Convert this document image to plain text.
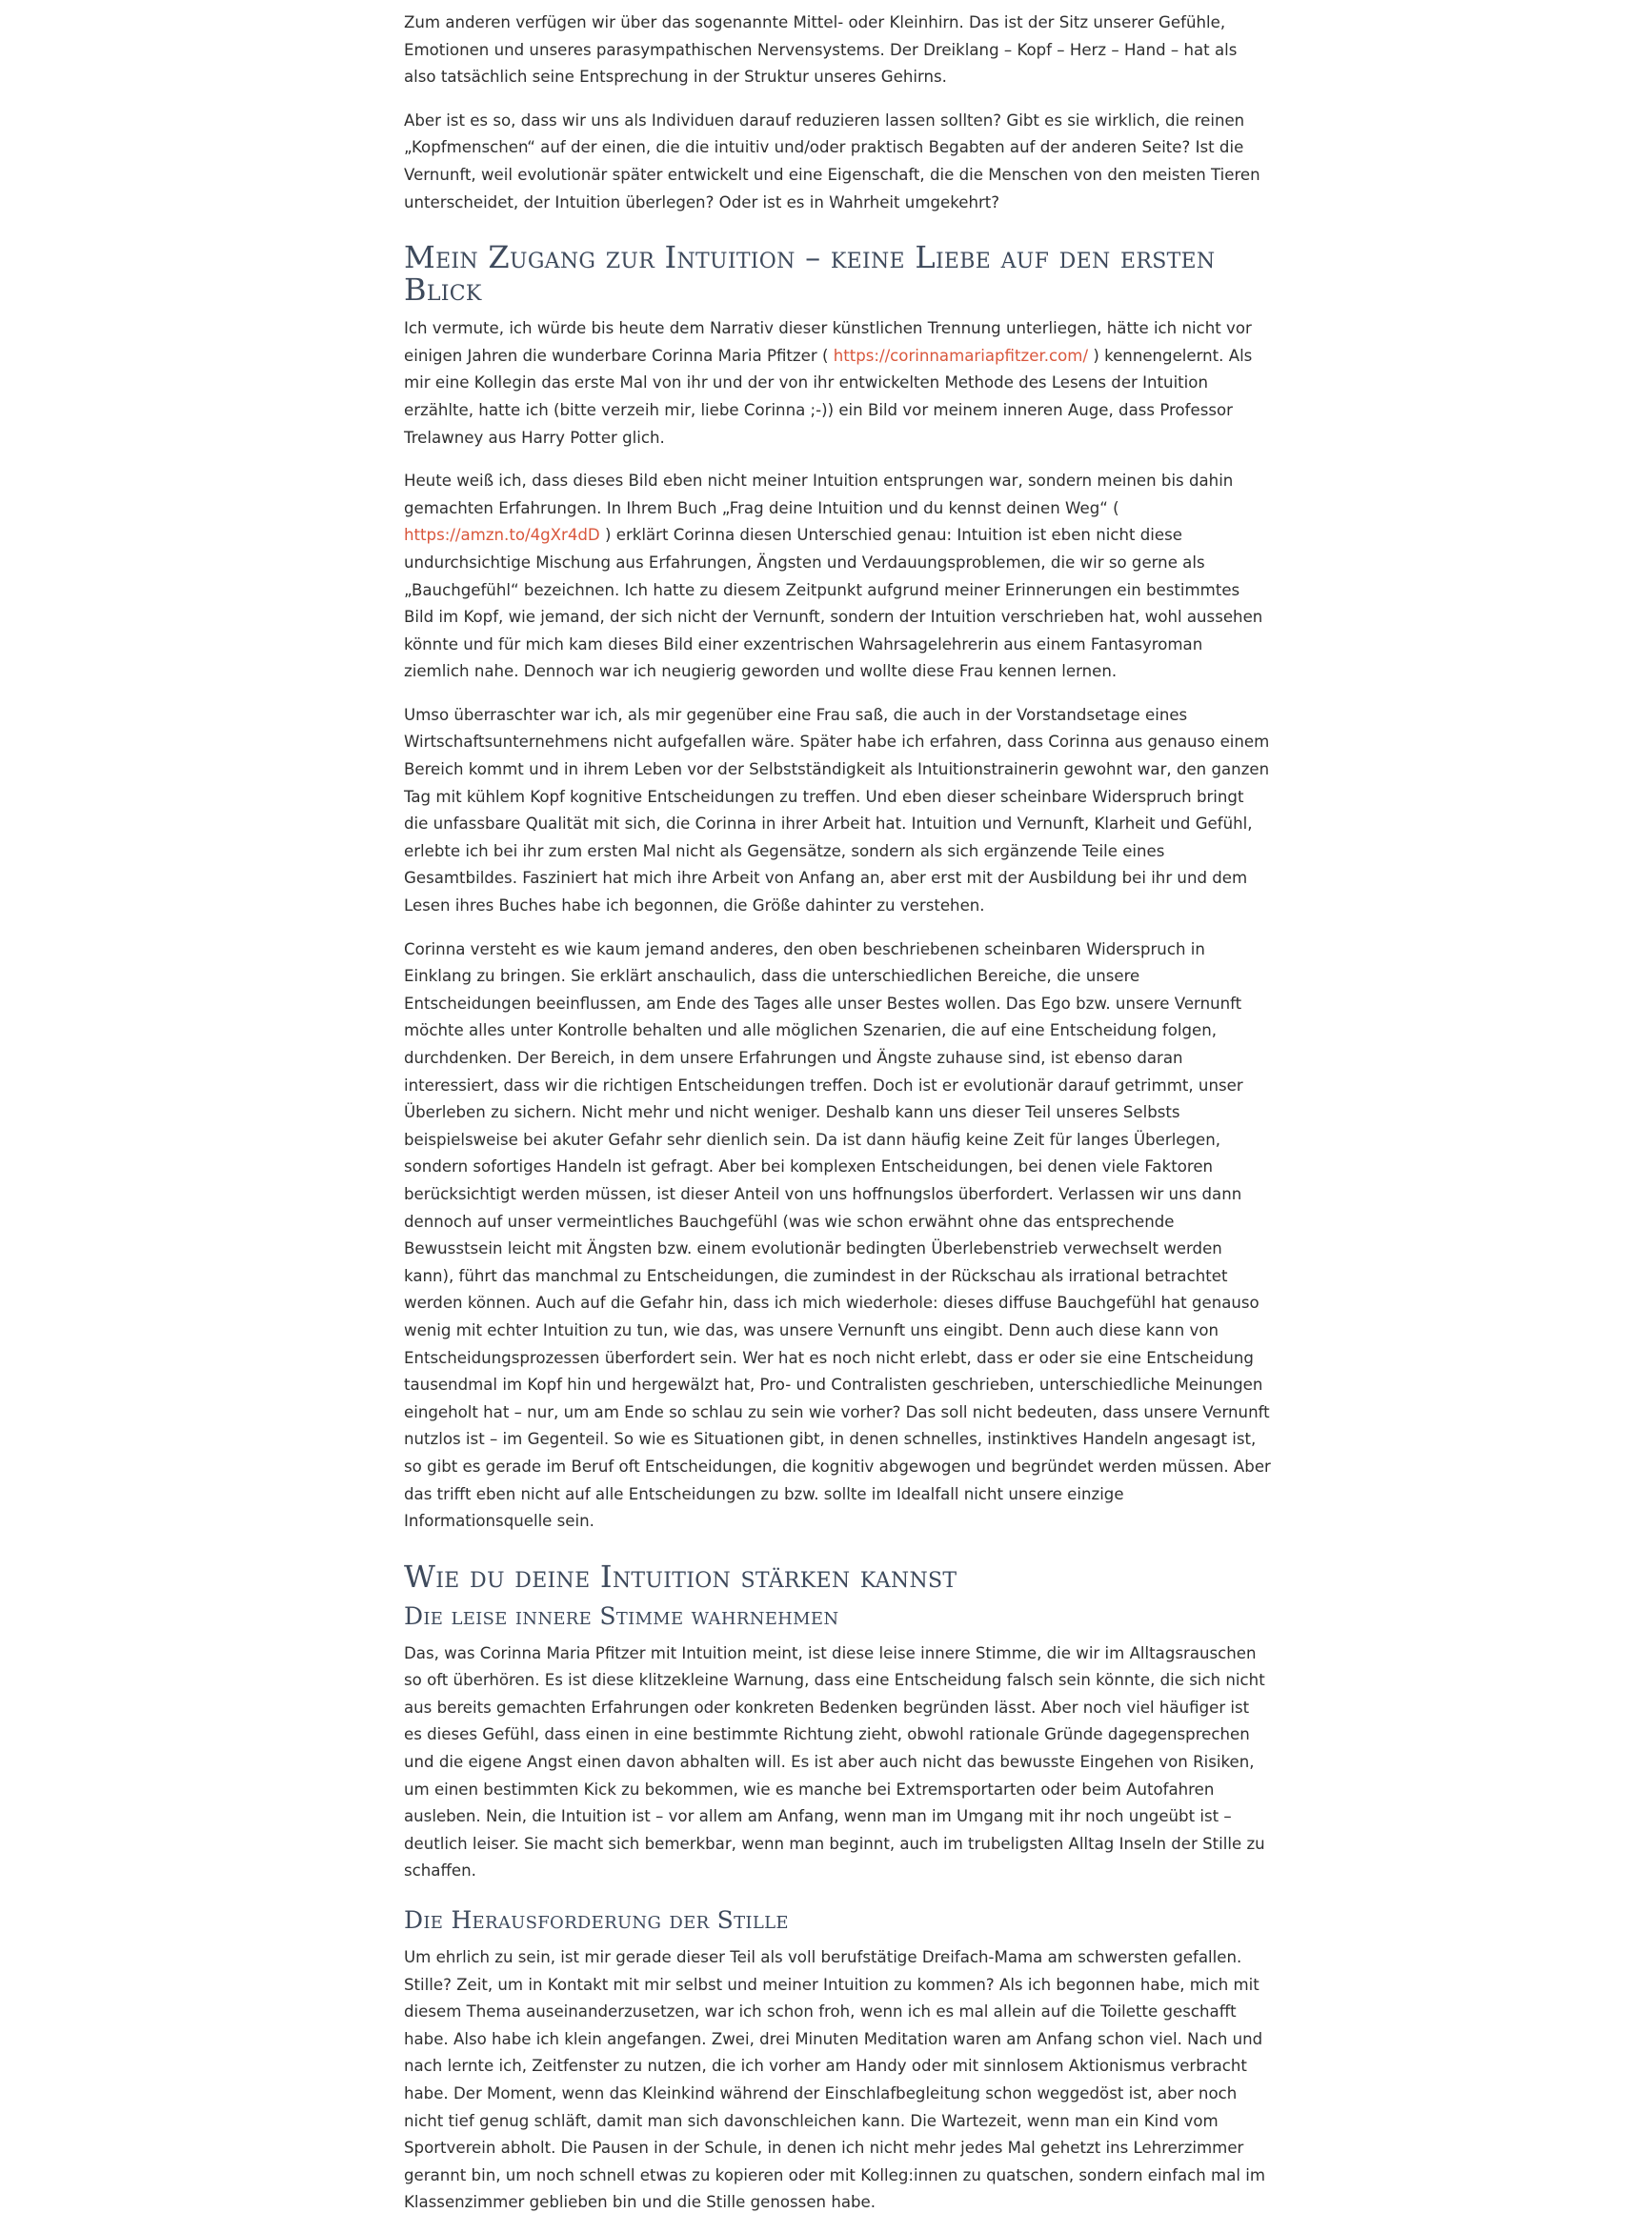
Zum anderen verfügen wir über das sogenannte Mittel- oder Kleinhirn. Das ist der Sitz unserer Gefühle, Emotionen und unseres parasympathischen Nervensystems. Der Dreiklang – Kopf – Herz – Hand – hat als also tatsächlich seine Entsprechung in der Struktur unseres Gehirns.

Aber ist es so, dass wir uns als Individuen darauf reduzieren lassen sollten? Gibt es sie wirklich, die reinen „Kopfmenschen“ auf der einen, die die intuitiv und/oder praktisch Begabten auf der anderen Seite? Ist die Vernunft, weil evolutionär später entwickelt und eine Eigenschaft, die die Menschen von den meisten Tieren unterscheidet, der Intuition überlegen? Oder ist es in Wahrheit umgekehrt?

Mein Zugang zur Intuition – keine Liebe auf den ersten Blick

Ich vermute, ich würde bis heute dem Narrativ dieser künstlichen Trennung unterliegen, hätte ich nicht vor einigen Jahren die wunderbare Corinna Maria Pfitzer ( https://corinnamariapfitzer.com/ ) kennengelernt. Als mir eine Kollegin das erste Mal von ihr und der von ihr entwickelten Methode des Lesens der Intuition erzählte, hatte ich (bitte verzeih mir, liebe Corinna ;-)) ein Bild vor meinem inneren Auge, dass Professor Trelawney aus Harry Potter glich.

Heute weiß ich, dass dieses Bild eben nicht meiner Intuition entsprungen war, sondern meinen bis dahin gemachten Erfahrungen. In Ihrem Buch „Frag deine Intuition und du kennst deinen Weg“ ( https://amzn.to/4gXr4dD ) erklärt Corinna diesen Unterschied genau: Intuition ist eben nicht diese undurchsichtige Mischung aus Erfahrungen, Ängsten und Verdauungsproblemen, die wir so gerne als „Bauchgefühl“ bezeichnen. Ich hatte zu diesem Zeitpunkt aufgrund meiner Erinnerungen ein bestimmtes Bild im Kopf, wie jemand, der sich nicht der Vernunft, sondern der Intuition verschrieben hat, wohl aussehen könnte und für mich kam dieses Bild einer exzentrischen Wahrsagelehrerin aus einem Fantasyroman ziemlich nahe. Dennoch war ich neugierig geworden und wollte diese Frau kennen lernen.

Umso überraschter war ich, als mir gegenüber eine Frau saß, die auch in der Vorstandsetage eines Wirtschaftsunternehmens nicht aufgefallen wäre. Später habe ich erfahren, dass Corinna aus genauso einem Bereich kommt und in ihrem Leben vor der Selbstständigkeit als Intuitionstrainerin gewohnt war, den ganzen Tag mit kühlem Kopf kognitive Entscheidungen zu treffen. Und eben dieser scheinbare Widerspruch bringt die unfassbare Qualität mit sich, die Corinna in ihrer Arbeit hat. Intuition und Vernunft, Klarheit und Gefühl, erlebte ich bei ihr zum ersten Mal nicht als Gegensätze, sondern als sich ergänzende Teile eines Gesamtbildes. Fasziniert hat mich ihre Arbeit von Anfang an, aber erst mit der Ausbildung bei ihr und dem Lesen ihres Buches habe ich begonnen, die Größe dahinter zu verstehen.

Corinna versteht es wie kaum jemand anderes, den oben beschriebenen scheinbaren Widerspruch in Einklang zu bringen. Sie erklärt anschaulich, dass die unterschiedlichen Bereiche, die unsere Entscheidungen beeinflussen, am Ende des Tages alle unser Bestes wollen. Das Ego bzw. unsere Vernunft möchte alles unter Kontrolle behalten und alle möglichen Szenarien, die auf eine Entscheidung folgen, durchdenken. Der Bereich, in dem unsere Erfahrungen und Ängste zuhause sind, ist ebenso daran interessiert, dass wir die richtigen Entscheidungen treffen. Doch ist er evolutionär darauf getrimmt, unser Überleben zu sichern. Nicht mehr und nicht weniger. Deshalb kann uns dieser Teil unseres Selbsts beispielsweise bei akuter Gefahr sehr dienlich sein. Da ist dann häufig keine Zeit für langes Überlegen, sondern sofortiges Handeln ist gefragt. Aber bei komplexen Entscheidungen, bei denen viele Faktoren berücksichtigt werden müssen, ist dieser Anteil von uns hoffnungslos überfordert. Verlassen wir uns dann dennoch auf unser vermeintliches Bauchgefühl (was wie schon erwähnt ohne das entsprechende Bewusstsein leicht mit Ängsten bzw. einem evolutionär bedingten Überlebenstrieb verwechselt werden kann), führt das manchmal zu Entscheidungen, die zumindest in der Rückschau als irrational betrachtet werden können. Auch auf die Gefahr hin, dass ich mich wiederhole: dieses diffuse Bauchgefühl hat genauso wenig mit echter Intuition zu tun, wie das, was unsere Vernunft uns eingibt. Denn auch diese kann von Entscheidungsprozessen überfordert sein. Wer hat es noch nicht erlebt, dass er oder sie eine Entscheidung tausendmal im Kopf hin und hergewälzt hat, Pro- und Contralisten geschrieben, unterschiedliche Meinungen eingeholt hat – nur, um am Ende so schlau zu sein wie vorher? Das soll nicht bedeuten, dass unsere Vernunft nutzlos ist – im Gegenteil. So wie es Situationen gibt, in denen schnelles, instinktives Handeln angesagt ist, so gibt es gerade im Beruf oft Entscheidungen, die kognitiv abgewogen und begründet werden müssen. Aber das trifft eben nicht auf alle Entscheidungen zu bzw. sollte im Idealfall nicht unsere einzige Informationsquelle sein.

Wie du deine Intuition stärken kannst
Die leise innere Stimme wahrnehmen

Das, was Corinna Maria Pfitzer mit Intuition meint, ist diese leise innere Stimme, die wir im Alltagsrauschen so oft überhören. Es ist diese klitzekleine Warnung, dass eine Entscheidung falsch sein könnte, die sich nicht aus bereits gemachten Erfahrungen oder konkreten Bedenken begründen lässt. Aber noch viel häufiger ist es dieses Gefühl, dass einen in eine bestimmte Richtung zieht, obwohl rationale Gründe dagegensprechen und die eigene Angst einen davon abhalten will. Es ist aber auch nicht das bewusste Eingehen von Risiken, um einen bestimmten Kick zu bekommen, wie es manche bei Extremsportarten oder beim Autofahren ausleben. Nein, die Intuition ist – vor allem am Anfang, wenn man im Umgang mit ihr noch ungeübt ist – deutlich leiser. Sie macht sich bemerkbar, wenn man beginnt, auch im trubeligsten Alltag Inseln der Stille zu schaffen.

Die Herausforderung der Stille

Um ehrlich zu sein, ist mir gerade dieser Teil als voll berufstätige Dreifach-Mama am schwersten gefallen. Stille? Zeit, um in Kontakt mit mir selbst und meiner Intuition zu kommen? Als ich begonnen habe, mich mit diesem Thema auseinanderzusetzen, war ich schon froh, wenn ich es mal allein auf die Toilette geschafft habe. Also habe ich klein angefangen. Zwei, drei Minuten Meditation waren am Anfang schon viel. Nach und nach lernte ich, Zeitfenster zu nutzen, die ich vorher am Handy oder mit sinnlosem Aktionismus verbracht habe. Der Moment, wenn das Kleinkind während der Einschlafbegleitung schon weggedöst ist, aber noch nicht tief genug schläft, damit man sich davonschleichen kann. Die Wartezeit, wenn man ein Kind vom Sportverein abholt. Die Pausen in der Schule, in denen ich nicht mehr jedes Mal gehetzt ins Lehrerzimmer gerannt bin, um noch schnell etwas zu kopieren oder mit Kolleg:innen zu quatschen, sondern einfach mal im Klassenzimmer geblieben bin und die Stille genossen habe.
